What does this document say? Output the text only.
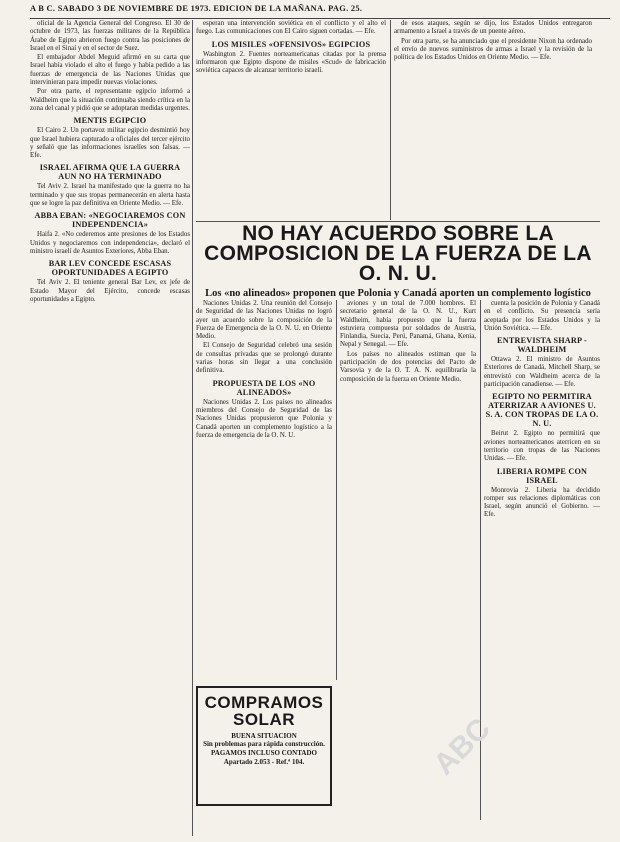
A B C. SABADO 3 DE NOVIEMBRE DE 1973. EDICION DE LA MAÑANA. PAG. 25.

oficial de la Agencia General del Congreso. El 30 de octubre de 1973, las fuerzas militares de la República Árabe de Egipto abrieron fuego contra las posiciones de Israel en el Sinaí y en el sector de Suez.

El embajador Abdel Meguid afirmó en su carta que Israel había violado el alto el fuego y había pedido a las fuerzas de emergencia de las Naciones Unidas que intervinieran para impedir nuevas violaciones.

Por otra parte, el representante egipcio informó a Waldheim que la situación continuaba siendo crítica en la zona del canal y pidió que se adoptaran medidas urgentes.

MENTIS EGIPCIO

El Cairo 2. Un portavoz militar egipcio desmintió hoy que Israel hubiera capturado a oficiales del tercer ejército y señaló que las informaciones israelíes son falsas. — Efe.

ISRAEL AFIRMA QUE LA GUERRA AUN NO HA TERMINADO

Tel Aviv 2. Israel ha manifestado que la guerra no ha terminado y que sus tropas permanecerán en alerta hasta que se logre la paz definitiva en Oriente Medio. — Efe.

ABBA EBAN: «NEGOCIAREMOS CON INDEPENDENCIA»

Haifa 2. «No cederemos ante presiones de los Estados Unidos y negociaremos con independencia», declaró el ministro israelí de Asuntos Exteriores, Abba Eban.

BAR LEV CONCEDE ESCASAS OPORTUNIDADES A EGIPTO

Tel Aviv 2. El teniente general Bar Lev, ex jefe de Estado Mayor del Ejército, concede escasas oportunidades a Egipto.

esperan una intervención soviética en el conflicto y el alto el fuego. Las comunicaciones con El Cairo siguen cortadas. — Efe.

LOS MISILES «OFENSIVOS» EGIPCIOS

Washington 2. Fuentes norteamericanas citadas por la prensa informaron que Egipto dispone de misiles «Scud» de fabricación soviética capaces de alcanzar territorio israelí.

de esos ataques, según se dijo, los Estados Unidos entregaron armamento a Israel a través de un puente aéreo.

Por otra parte, se ha anunciado que el presidente Nixon ha ordenado el envío de nuevos suministros de armas a Israel y la revisión de la política de los Estados Unidos en Oriente Medio. — Efe.

NO HAY ACUERDO SOBRE LA COMPOSICION DE LA FUERZA DE LA O. N. U.
Los «no alineados» proponen que Polonia y Canadá aporten un complemento logístico

Naciones Unidas 2. Una reunión del Consejo de Seguridad de las Naciones Unidas no logró ayer un acuerdo sobre la composición de la Fuerza de Emergencia de la O. N. U. en Oriente Medio.

El Consejo de Seguridad celebró una sesión de consultas privadas que se prolongó durante varias horas sin llegar a una conclusión definitiva.

PROPUESTA DE LOS «NO ALINEADOS»

Naciones Unidas 2. Los países no alineados miembros del Consejo de Seguridad de las Naciones Unidas propusieron que Polonia y Canadá aporten un complemento logístico a la fuerza de emergencia de la O. N. U.

aviones y un total de 7.000 hombres. El secretario general de la O. N. U., Kurt Waldheim, había propuesto que la fuerza estuviera compuesta por soldados de Austria, Finlandia, Suecia, Perú, Panamá, Ghana, Kenia, Nepal y Senegal. — Efe.

Los países no alineados estiman que la participación de dos potencias del Pacto de Varsovia y de la O. T. A. N. equilibraría la composición de la fuerza en Oriente Medio.

cuenta la posición de Polonia y Canadá en el conflicto. Su presencia sería aceptada por los Estados Unidos y la Unión Soviética. — Efe.

ENTREVISTA SHARP - WALDHEIM

Ottawa 2. El ministro de Asuntos Exteriores de Canadá, Mitchell Sharp, se entrevistó con Waldheim acerca de la participación canadiense. — Efe.

EGIPTO NO PERMITIRA ATERRIZAR A AVIONES U. S. A. CON TROPAS DE LA O. N. U.

Beirut 2. Egipto no permitirá que aviones norteamericanos aterricen en su territorio con tropas de las Naciones Unidas. — Efe.

LIBERIA ROMPE CON ISRAEL

Monrovia 2. Liberia ha decidido romper sus relaciones diplomáticas con Israel, según anunció el Gobierno. — Efe.

COMPRAMOS
SOLAR
BUENA SITUACION
Sin problemas para rápida construcción.
PAGAMOS INCLUSO CONTADO
Apartado 2.053 - Ref.ª 104.	ABC
